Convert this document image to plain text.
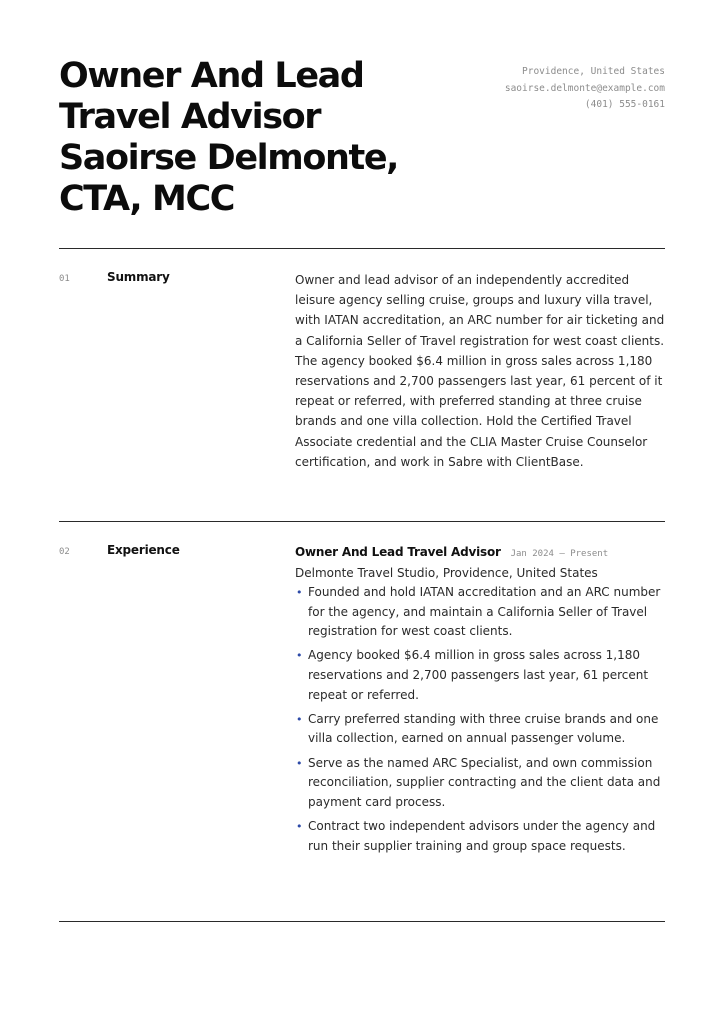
Owner And Lead
Travel Advisor
Saoirse Delmonte,
CTA, MCC
Providence, United States
saoirse.delmonte@example.com
(401) 555-0161
01	Summary	Owner and lead advisor of an independently accredited leisure agency selling cruise, groups and luxury villa travel, with IATAN accreditation, an ARC number for air ticketing and a California Seller of Travel registration for west coast clients. The agency booked $6.4 million in gross sales across 1,180 reservations and 2,700 passengers last year, 61 percent of it repeat or referred, with preferred standing at three cruise brands and one villa collection. Hold the Certified Travel Associate credential and the CLIA Master Cruise Counselor certification, and work in Sabre with ClientBase.

02	Experience	Owner And Lead Travel Advisor Jan 2024 — Present
Delmonte Travel Studio, Providence, United States
• Founded and hold IATAN accreditation and an ARC number for the agency, and maintain a California Seller of Travel registration for west coast clients.
• Agency booked $6.4 million in gross sales across 1,180 reservations and 2,700 passengers last year, 61 percent repeat or referred.
• Carry preferred standing with three cruise brands and one villa collection, earned on annual passenger volume.
• Serve as the named ARC Specialist, and own commission reconciliation, supplier contracting and the client data and payment card process.
• Contract two independent advisors under the agency and run their supplier training and group space requests.
